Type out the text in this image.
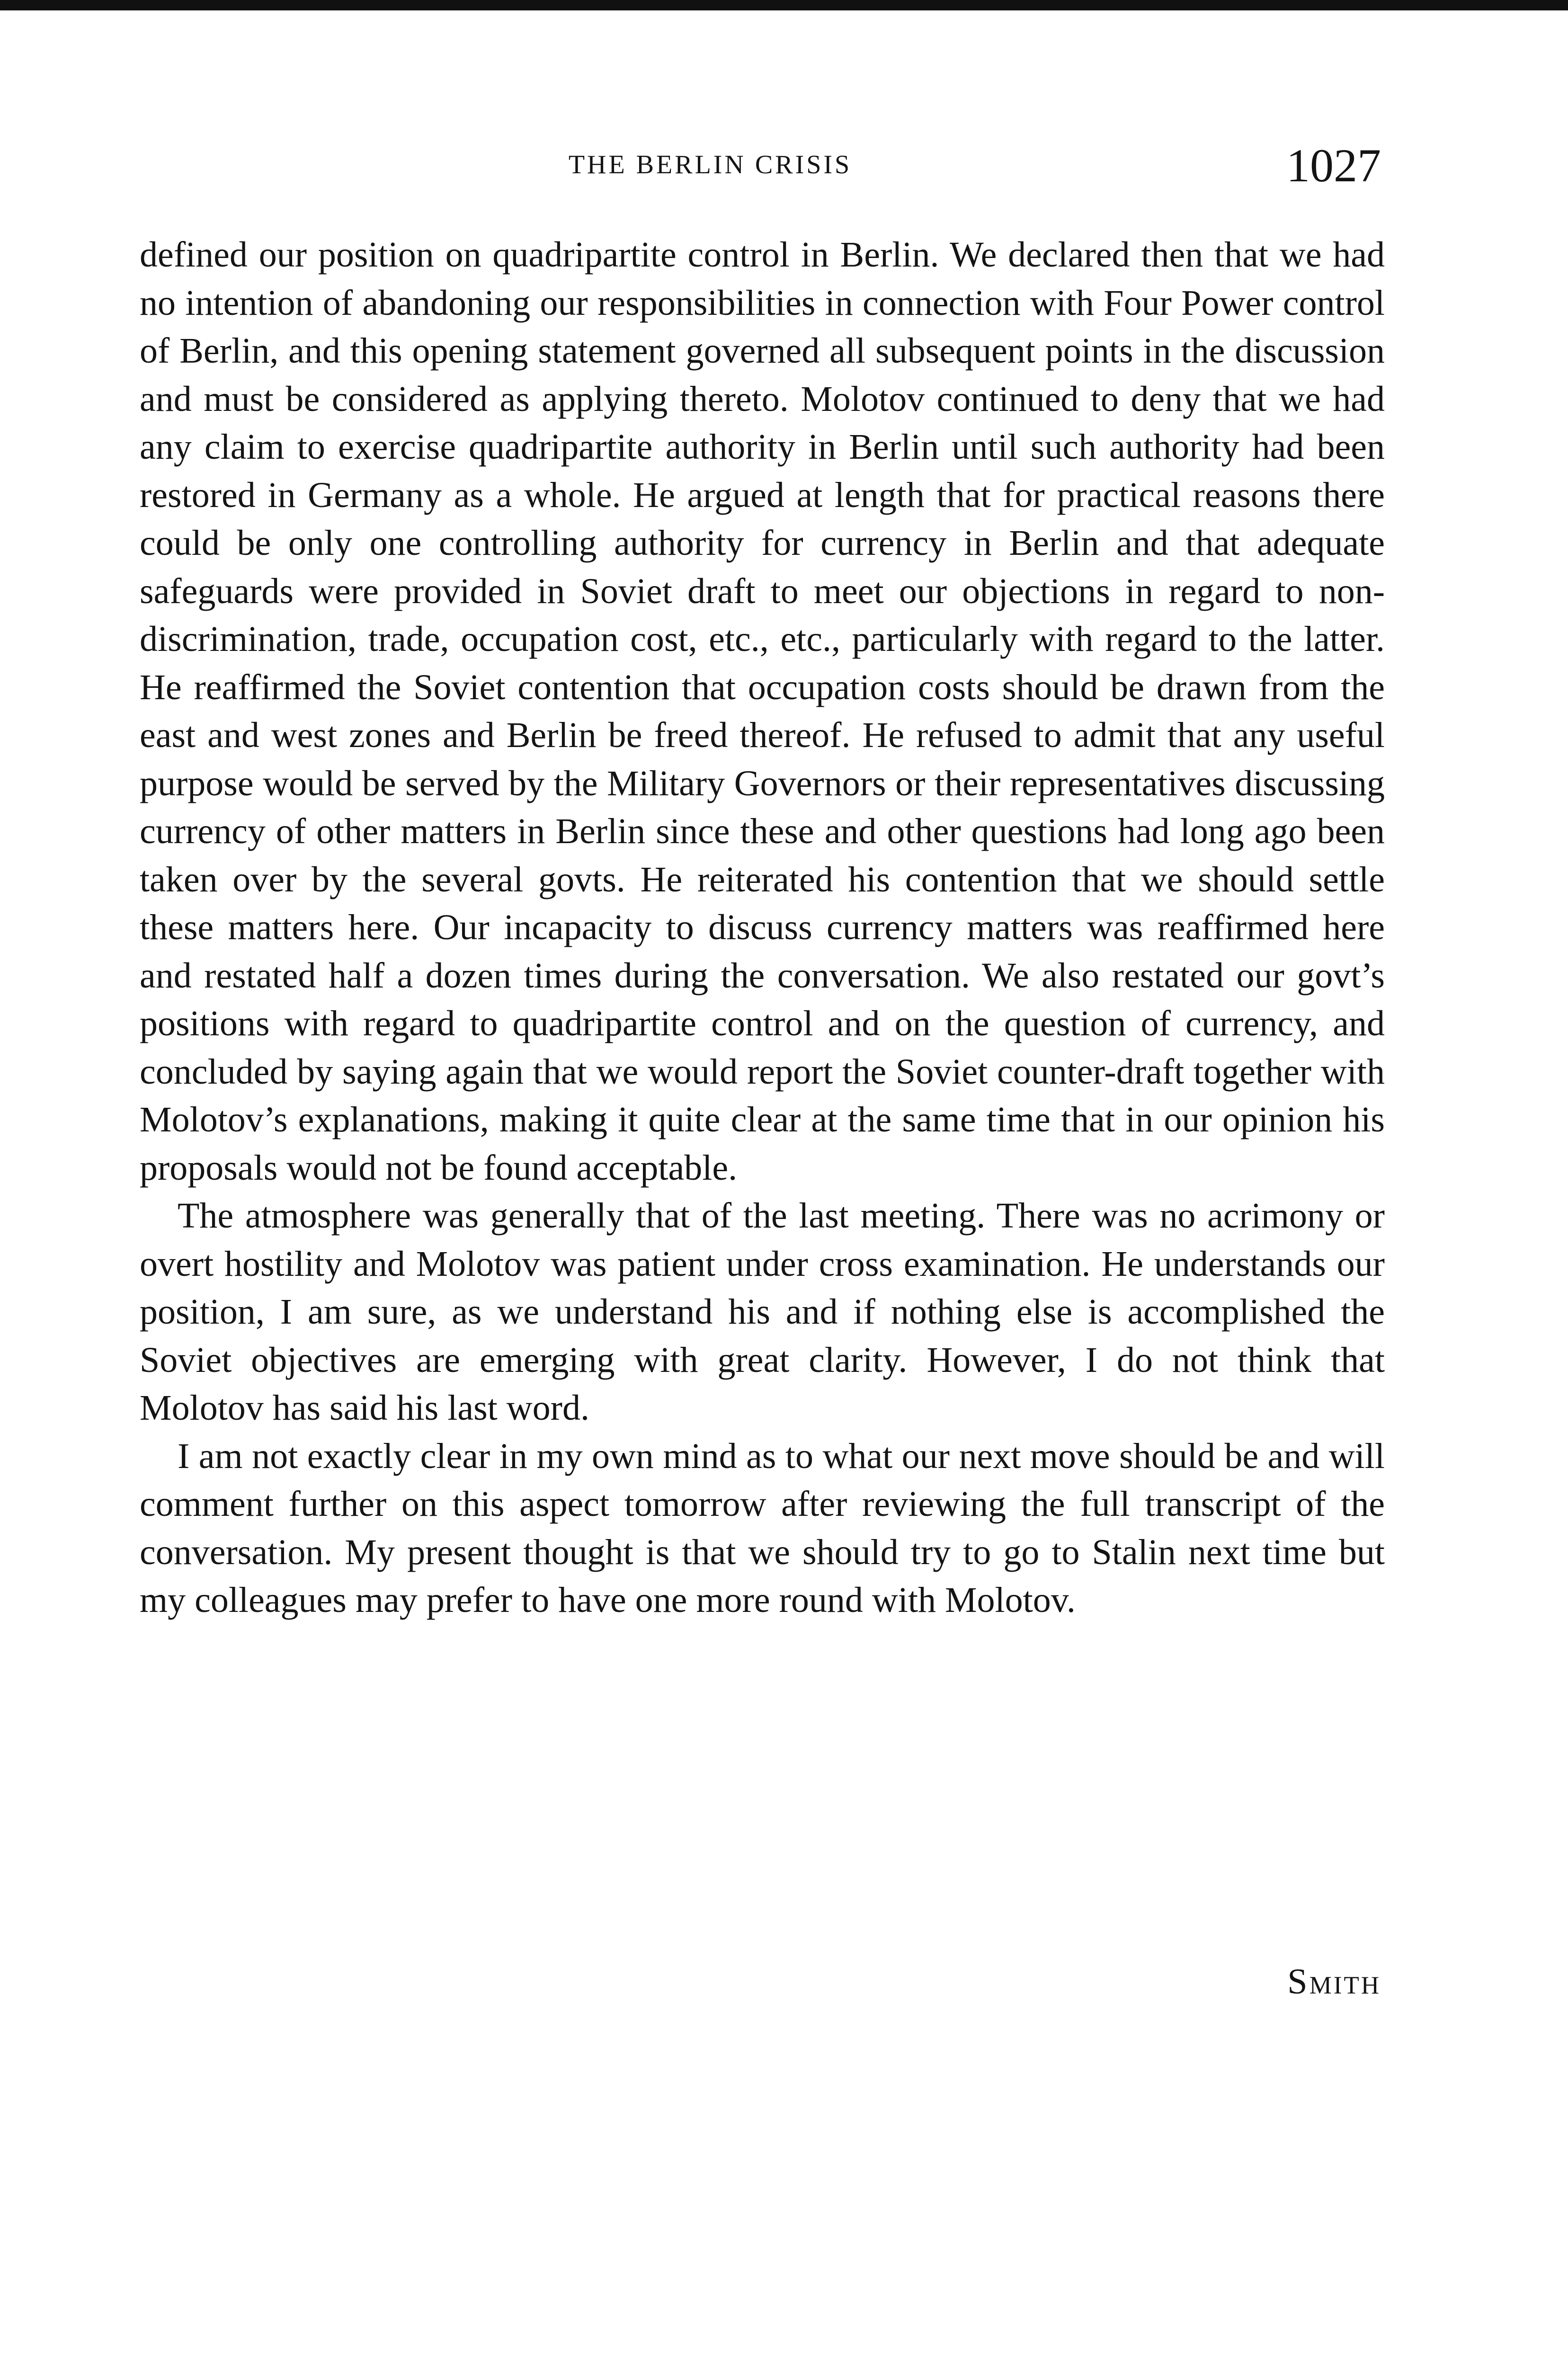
THE BERLIN CRISIS	1027

defined our position on quadripartite control in Berlin. We declared then that we had no intention of abandoning our responsibilities in connection with Four Power control of Berlin, and this opening statement governed all subsequent points in the discussion and must be considered as applying thereto. Molotov continued to deny that we had any claim to exercise quadripartite authority in Berlin until such authority had been restored in Germany as a whole. He argued at length that for practical reasons there could be only one controlling authority for currency in Berlin and that adequate safeguards were provided in Soviet draft to meet our objections in regard to non-discrimination, trade, occupation cost, etc., etc., particularly with regard to the latter. He reaffirmed the Soviet contention that occupation costs should be drawn from the east and west zones and Berlin be freed thereof. He refused to admit that any useful purpose would be served by the Military Governors or their representatives discussing currency of other matters in Berlin since these and other questions had long ago been taken over by the several govts. He reiterated his contention that we should settle these matters here. Our incapacity to discuss currency matters was reaffirmed here and restated half a dozen times during the conversation. We also restated our govt’s positions with regard to quadripartite control and on the question of currency, and concluded by saying again that we would report the Soviet counter-draft together with Molotov’s explanations, making it quite clear at the same time that in our opinion his proposals would not be found acceptable.

The atmosphere was generally that of the last meeting. There was no acrimony or overt hostility and Molotov was patient under cross examination. He understands our position, I am sure, as we understand his and if nothing else is accomplished the Soviet objectives are emerging with great clarity. However, I do not think that Molotov has said his last word.

I am not exactly clear in my own mind as to what our next move should be and will comment further on this aspect tomorrow after reviewing the full transcript of the conversation. My present thought is that we should try to go to Stalin next time but my colleagues may prefer to have one more round with Molotov.

Smith
